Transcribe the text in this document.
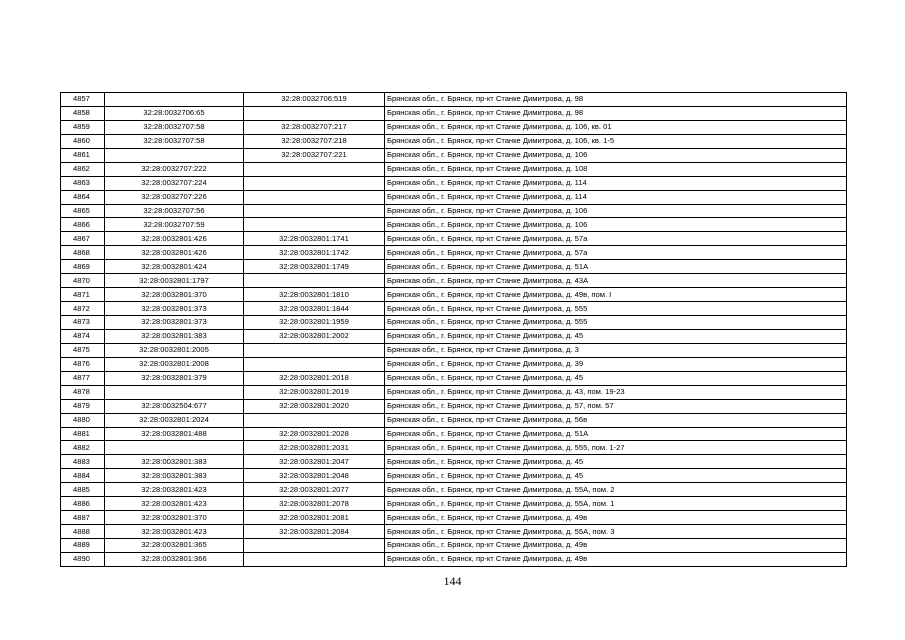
4857		32:28:0032706:519	Брянская обл., г. Брянск, пр-кт Станке Димитрова, д. 98
4858	32:28:0032706:65		Брянская обл., г. Брянск, пр-кт Станке Димитрова, д. 98
4859	32:28:0032707:58	32:28:0032707:217	Брянская обл., г. Брянск, пр-кт Станке Димитрова, д. 106, кв. 01
4860	32:28:0032707:58	32:28:0032707:218	Брянская обл., г. Брянск, пр-кт Станке Димитрова, д. 106, кв. 1-5
4861		32:28:0032707:221	Брянская обл., г. Брянск, пр-кт Станке Димитрова, д. 106
4862	32:28:0032707:222		Брянская обл., г. Брянск, пр-кт Станке Димитрова, д. 108
4863	32:28:0032707:224		Брянская обл., г. Брянск, пр-кт Станке Димитрова, д. 114
4864	32:28:0032707:226		Брянская обл., г. Брянск, пр-кт Станке Димитрова, д. 114
4865	32:28:0032707:56		Брянская обл., г. Брянск, пр-кт Станке Димитрова, д. 106
4866	32:28:0032707:59		Брянская обл., г. Брянск, пр-кт Станке Димитрова, д. 106
4867	32:28:0032801:426	32:28:0032801:1741	Брянская обл., г. Брянск, пр-кт Станке Димитрова, д. 57а
4868	32:28:0032801:426	32:28:0032801:1742	Брянская обл., г. Брянск, пр-кт Станке Димитрова, д. 57а
4869	32:28:0032801:424	32:28:0032801:1749	Брянская обл., г. Брянск, пр-кт Станке Димитрова, д. 51А
4870	32:28:0032801:1797		Брянская обл., г. Брянск, пр-кт Станке Димитрова, д. 43А
4871	32:28:0032801:370	32:28:0032801:1810	Брянская обл., г. Брянск, пр-кт Станке Димитрова, д. 49в, пом. I
4872	32:28:0032801:373	32:28:0032801:1844	Брянская обл., г. Брянск, пр-кт Станке Димитрова, д. 555
4873	32:28:0032801:373	32:28:0032801:1959	Брянская обл., г. Брянск, пр-кт Станке Димитрова, д. 555
4874	32:28:0032801:383	32:28:0032801:2002	Брянская обл., г. Брянск, пр-кт Станке Димитрова, д. 45
4875	32:28:0032801:2005		Брянская обл., г. Брянск, пр-кт Станке Димитрова, д. 3
4876	32:28:0032801:2008		Брянская обл., г. Брянск, пр-кт Станке Димитрова, д. 39
4877	32:28:0032801:379	32:28:0032801:2018	Брянская обл., г. Брянск, пр-кт Станке Димитрова, д. 45
4878		32:28:0032801:2019	Брянская обл., г. Брянск, пр-кт Станке Димитрова, д. 43, пом. 19-23
4879	32:28:0032504:677	32:28:0032801:2020	Брянская обл., г. Брянск, пр-кт Станке Димитрова, д. 57, пом. 57
4880	32:28:0032801:2024		Брянская обл., г. Брянск, пр-кт Станке Димитрова, д. 56в
4881	32:28:0032801:488	32:28:0032801:2028	Брянская обл., г. Брянск, пр-кт Станке Димитрова, д. 51А
4882		32:28:0032801:2031	Брянская обл., г. Брянск, пр-кт Станке Димитрова, д. 555, пом. 1-27
4883	32:28:0032801:383	32:28:0032801:2047	Брянская обл., г. Брянск, пр-кт Станке Димитрова, д. 45
4884	32:28:0032801:383	32:28:0032801:2048	Брянская обл., г. Брянск, пр-кт Станке Димитрова, д. 45
4885	32:28:0032801:423	32:28:0032801:2077	Брянская обл., г. Брянск, пр-кт Станке Димитрова, д. 55А, пом. 2
4886	32:28:0032801:423	32:28:0032801:2078	Брянская обл., г. Брянск, пр-кт Станке Димитрова, д. 55А, пом. 1
4887	32:28:0032801:370	32:28:0032801:2081	Брянская обл., г. Брянск, пр-кт Станке Димитрова, д. 49в
4888	32:28:0032801:423	32:28:0032801:2084	Брянская обл., г. Брянск, пр-кт Станке Димитрова, д. 55А, пом. 3
4889	32:28:0032801:365		Брянская обл., г. Брянск, пр-кт Станке Димитрова, д. 49в
4890	32:28:0032801:366		Брянская обл., г. Брянск, пр-кт Станке Димитрова, д. 49в
144
